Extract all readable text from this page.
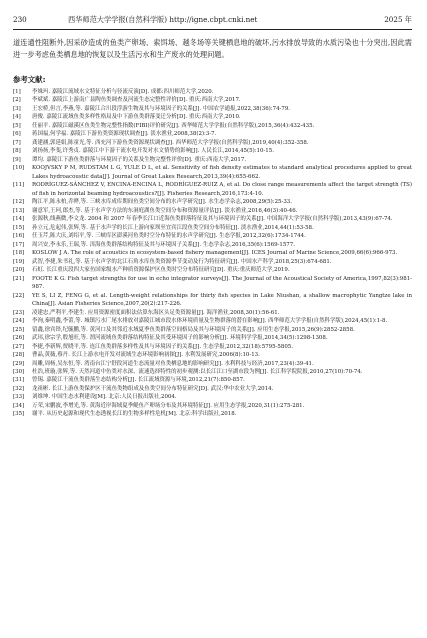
230	西华师范大学学报(自然科学版) http://igne.cbpt.cnki.net	2025 年
道连通性阻断外,因采砂造成的鱼类产卵场、索饵场、越冬场等关键栖息地的破坏,污水排放导致的水质污染也十分突出,因此需进一步考虑鱼类栖息地的恢复以及生活污水和生产废水的处理问题。
参考文献:
[1] 李姝玛. 嘉陵江流域水文特征分析与径流反演[D]. 成都:四川师范大学,2020.
[2] 李斌斌. 嘉陵江上游南广县陶鱼类调查及河流生态完整性评价[D]. 重庆:西南大学,2017.
[3] 王宏桥,但言,李燕,等. 嘉陵江合川段浮游生物及其与环境因子的关系[J]. 中国农学通报,2022,38(36):74-79.
[4] 唐俊. 嘉陵江流域鱼类多样性格局及中下游鱼类群落变迁分析[D]. 重庆:西南大学,2010.
[5] 任丽平. 嘉陵江磁溪区鱼类生物完整性指数(FIBI)评价研究[J]. 西华师范大学学报(自然科学版),2015,36(4):432-435.
[6] 蒋国福,何学福. 嘉陵江下游鱼类资源现状调查[J]. 淡水渔业,2008,38(2):3-7.
[7] 龚建涵,郭延娟,陈童光,等. 西充河下游鱼类资源现状调查[J]. 西华师范大学学报(自然科学版),2019,40(4):352-358.
[8] 刘扬扬,李斐,许秀贞. 嘉陵江中下游干流水电开发对水文情势的影响[J]. 人民长江,2014,45(5):10-15.
[9] 谭均. 嘉陵江下游鱼类群落与环境因子的关系及生物完整性评价[D]. 重庆:西南大学,2017.
[10] KOOJVSKY P M, RUDSTAM L G, YULE D L, et al. Sensitivity of fish density estimates to standard analytical procedures applied to great Lakes hydroacoustic data[J]. Journal of Great Lakes Research,2013,39(4):655-662.
[11] RODRÍGUEZ-SÁNCHEZ V, ENCINA-ENCINA L, RODRÍGUEZ-RUIZ A, et al. Do close range measurements affect the target strength (TS) of fish in horizontal beaming hydroacoustics?[J]. Fisheries Research,2016,173:4-10.
[12] 陶江平,陈永柏,乔晔,等. 三峡水库成库期间鱼类空间分布的水声学研究[J]. 水生态学杂志,2008,29(5):25-33.
[13] 谢意军,王珂,郎杰,等. 基于水声学方法的东洞庭湖鱼类空间分布和资源量评估[J]. 淡水渔业,2016,46(3):40-46.
[14] 张源秋,线燕微,李文龙. 2004 和 2007 年春季长江口近海鱼类群落特征及其与环境因子的关系[J]. 中国海洋大学学报(自然科学版),2013,43(9):67-74.
[15] 孙立元,危起伟,张辉,等. 基于水声学的长江上游向家坝至宜宾江段鱼类空间分布特征[J]. 淡水渔业,2014,44(1):53-58.
[16] 任玉芹,陈大庆,刘绍平,等. 三峡库区澎溪河鱼类时空分布特征的水声学研究[J]. 生态学报,2012,32(6):1734-1744.
[17] 周兴安,李永乐,王瑞,等. 洱海鱼类群落结构特征及其与环境因子关系[J]. 生态学杂志,2016,35(6):1569-1577.
[18] KOSLOW J A. The role of acoustics in ecosystem-based fishery management[J]. ICES Journal of Marine Science,2009,66(6):966-973.
[19] 武智,李捷,朱书礼,等. 基于水声学的北江石角水库鱼类资源季节变动及行为特征研究[J]. 中国水产科学,2018,25(3):674-681.
[20] 石虹. 长江重庆段四大家鱼国家级水产种质资源保护区鱼类时空分布特征研究[D]. 重庆:重庆师范大学,2019.
[21] FOOTE K G. Fish target strengths for use in echo integrator surveys[J]. The Journal of the Acoustical Society of America,1997,82(3):981-987.
[22] YE S, LI Z, FENG G, et al. Length-weight relationships for thirty fish species in Lake Niushan, a shallow macrophytic Yangtze lake in China[J]. Asian Fisheries Science,2007,20(2):217-226.
[23] 凌建忠,严利平,李建生. 应用资源密度面积法估算东海区头足类资源量[J]. 海洋渔业,2008,30(1):56-61.
[24] 李洵,秦明鑫,李蕾,等. 城镇污水厂尾水排放对嘉陵江城市段水体环境质量及生物群落的潜在影响[J]. 西华师范大学学报(自然科学版),2024,45(1):1-8.
[25] 留鑫,徐宾铎,纪毓鹏,等. 黄河口及其邻近水域夏季鱼类群落空间格局及其与环境因子的关系[J]. 应用生态学报,2015,26(9):2852-2858.
[26] 武玮,徐宗学,殷旭旺,等. 渭河流域鱼类群落结构特征及其受环境因子的影响分析[J]. 环境科学学报,2014,34(5):1298-1308.
[27] 李捷,李新辉,贾晓平,等. 连江鱼类群落多样性及其与环境因子的关系[J]. 生态学报,2012,32(18):5795-5805.
[28] 曹晶,黄薇,蔡丹. 长江上游水电开发对流域生态环境影响初探[J]. 水利发展研究,2006(8):10-13.
[29] 周雕,周杨,吴东恒,等. 湾南台江宁舒段河道生态流量对鱼类栖息地的影响研究[J]. 水利科技与经济,2017,23(4):39-41.
[30] 杜浩,班璇,张辉,等. 天然河道中鱼类对水深、流速选择特性的初步观测:以长江江口至湖市段为例[J]. 长江科学院院报,2010,27(10):70-74.
[31] 曾锡. 嘉陵江干流鱼类群落生态结构分析[J]. 长江流域资源与环境,2012,21(7):850-857.
[32] 龙祖彬. 长江上游鱼类保护区干流鱼类物组成及鱼类空间分布特征研究[D]. 武汉:华中农业大学,2014.
[33] 刘维坤. 中国生态水利建设[M]. 北京:人民日报出版社,2004.
[34] 万荣,宋鹏波,李增光,等. 黄海近岸海域夏季鳀鱼产卵场分布及其环境特征[J]. 应用生态学报,2020,31(1):275-281.
[35] 谢平. 从历史起源和现代生态透视长江的生物多样性危机[M]. 北京:科学出版社,2018.
